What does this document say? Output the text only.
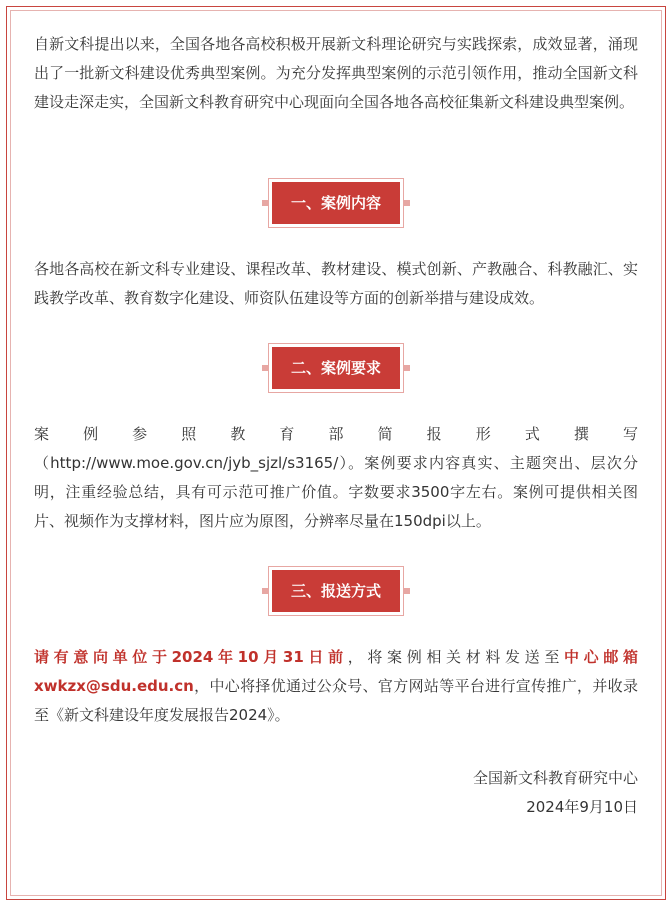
自新文科提出以来，全国各地各高校积极开展新文科理论研究与实践探索，成效显著，涌现出了一批新文科建设优秀典型案例。为充分发挥典型案例的示范引领作用，推动全国新文科建设走深走实，全国新文科教育研究中心现面向全国各地各高校征集新文科建设典型案例。

一、案例内容

各地各高校在新文科专业建设、课程改革、教材建设、模式创新、产教融合、科教融汇、实践教学改革、教育数字化建设、师资队伍建设等方面的创新举措与建设成效。

二、案例要求

案例参照教育部简报形式撰写

（http://www.moe.gov.cn/jyb_sjzl/s3165/）。案例要求内容真实、主题突出、层次分明，注重经验总结，具有可示范可推广价值。字数要求3500字左右。案例可提供相关图片、视频作为支撑材料，图片应为原图，分辨率尽量在150dpi以上。

三、报送方式

请有意向单位于2024年10月31日前，将案例相关材料发送至中心邮箱xwkzx@sdu.edu.cn，中心将择优通过公众号、官方网站等平台进行宣传推广，并收录至《新文科建设年度发展报告2024》。

全国新文科教育研究中心
2024年9月10日
